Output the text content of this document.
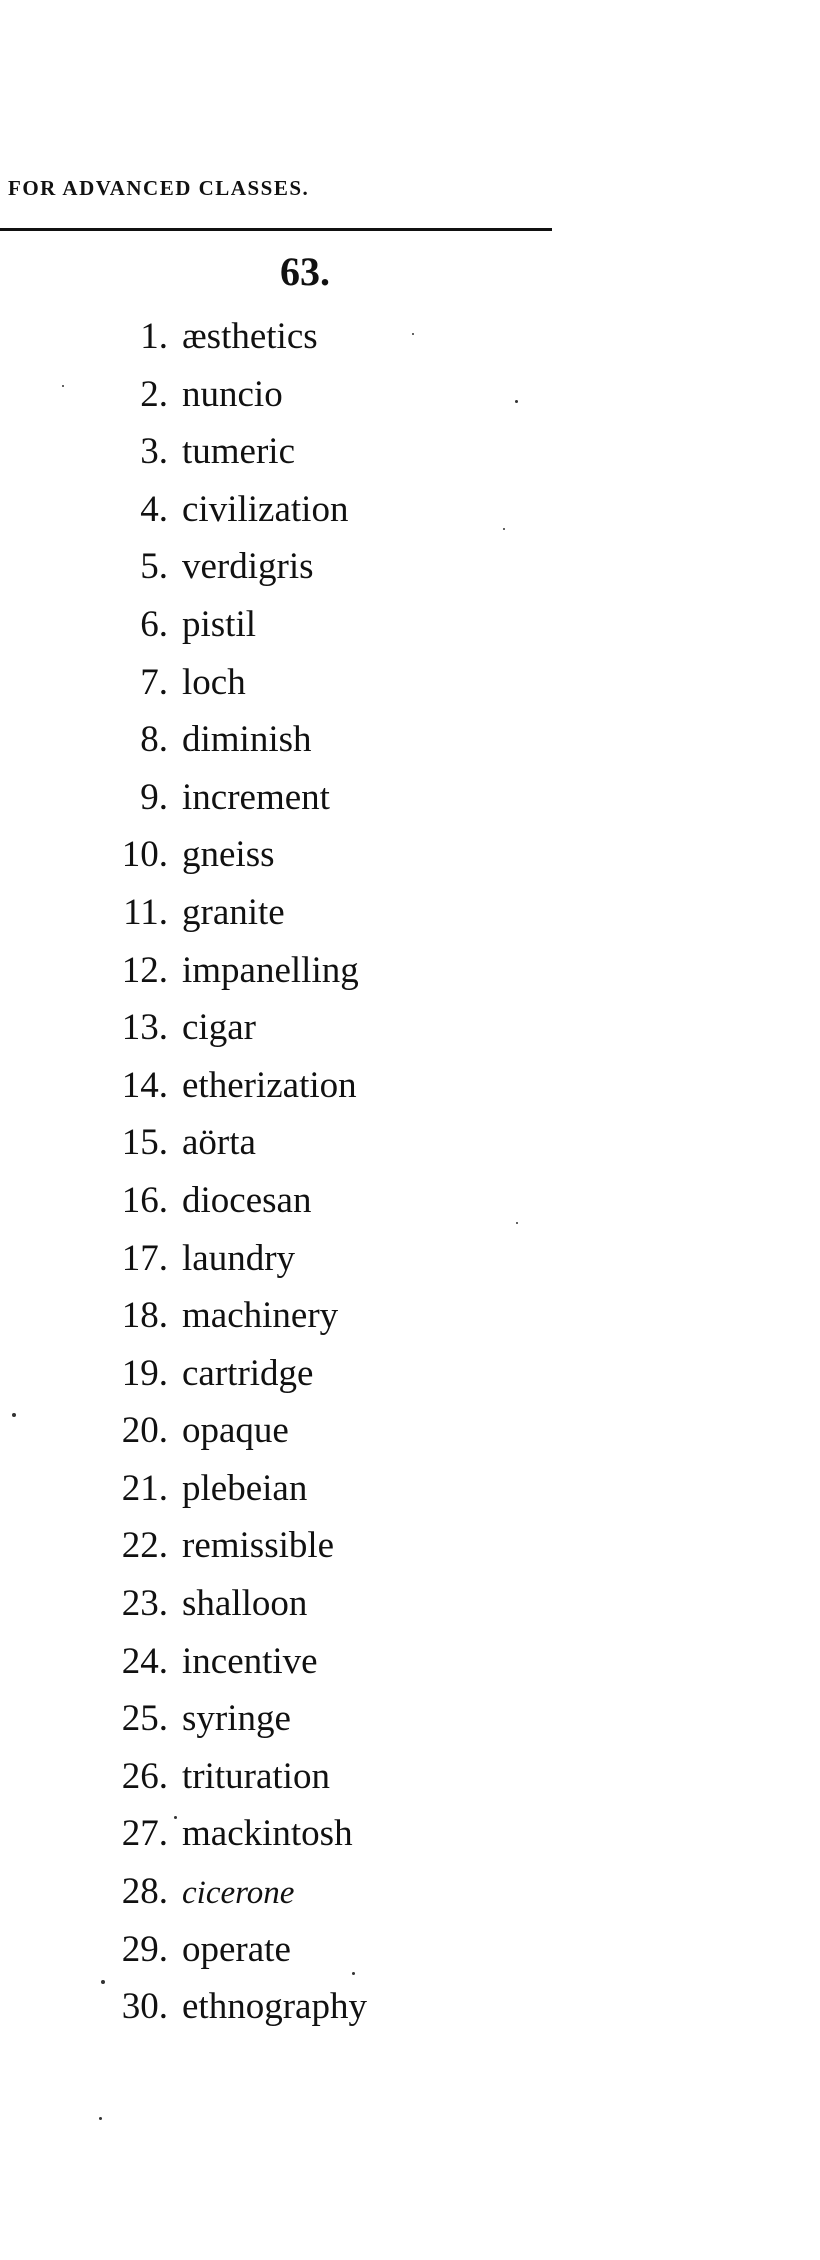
FOR ADVANCED CLASSES.
63.
1. æsthetics
2. nuncio
3. tumeric
4. civilization
5. verdigris
6. pistil
7. loch
8. diminish
9. increment
10. gneiss
11. granite
12. impanelling
13. cigar
14. etherization
15. aörta
16. diocesan
17. laundry
18. machinery
19. cartridge
20. opaque
21. plebeian
22. remissible
23. shalloon
24. incentive
25. syringe
26. trituration
27. mackintosh
28. cicerone
29. operate
30. ethnography
